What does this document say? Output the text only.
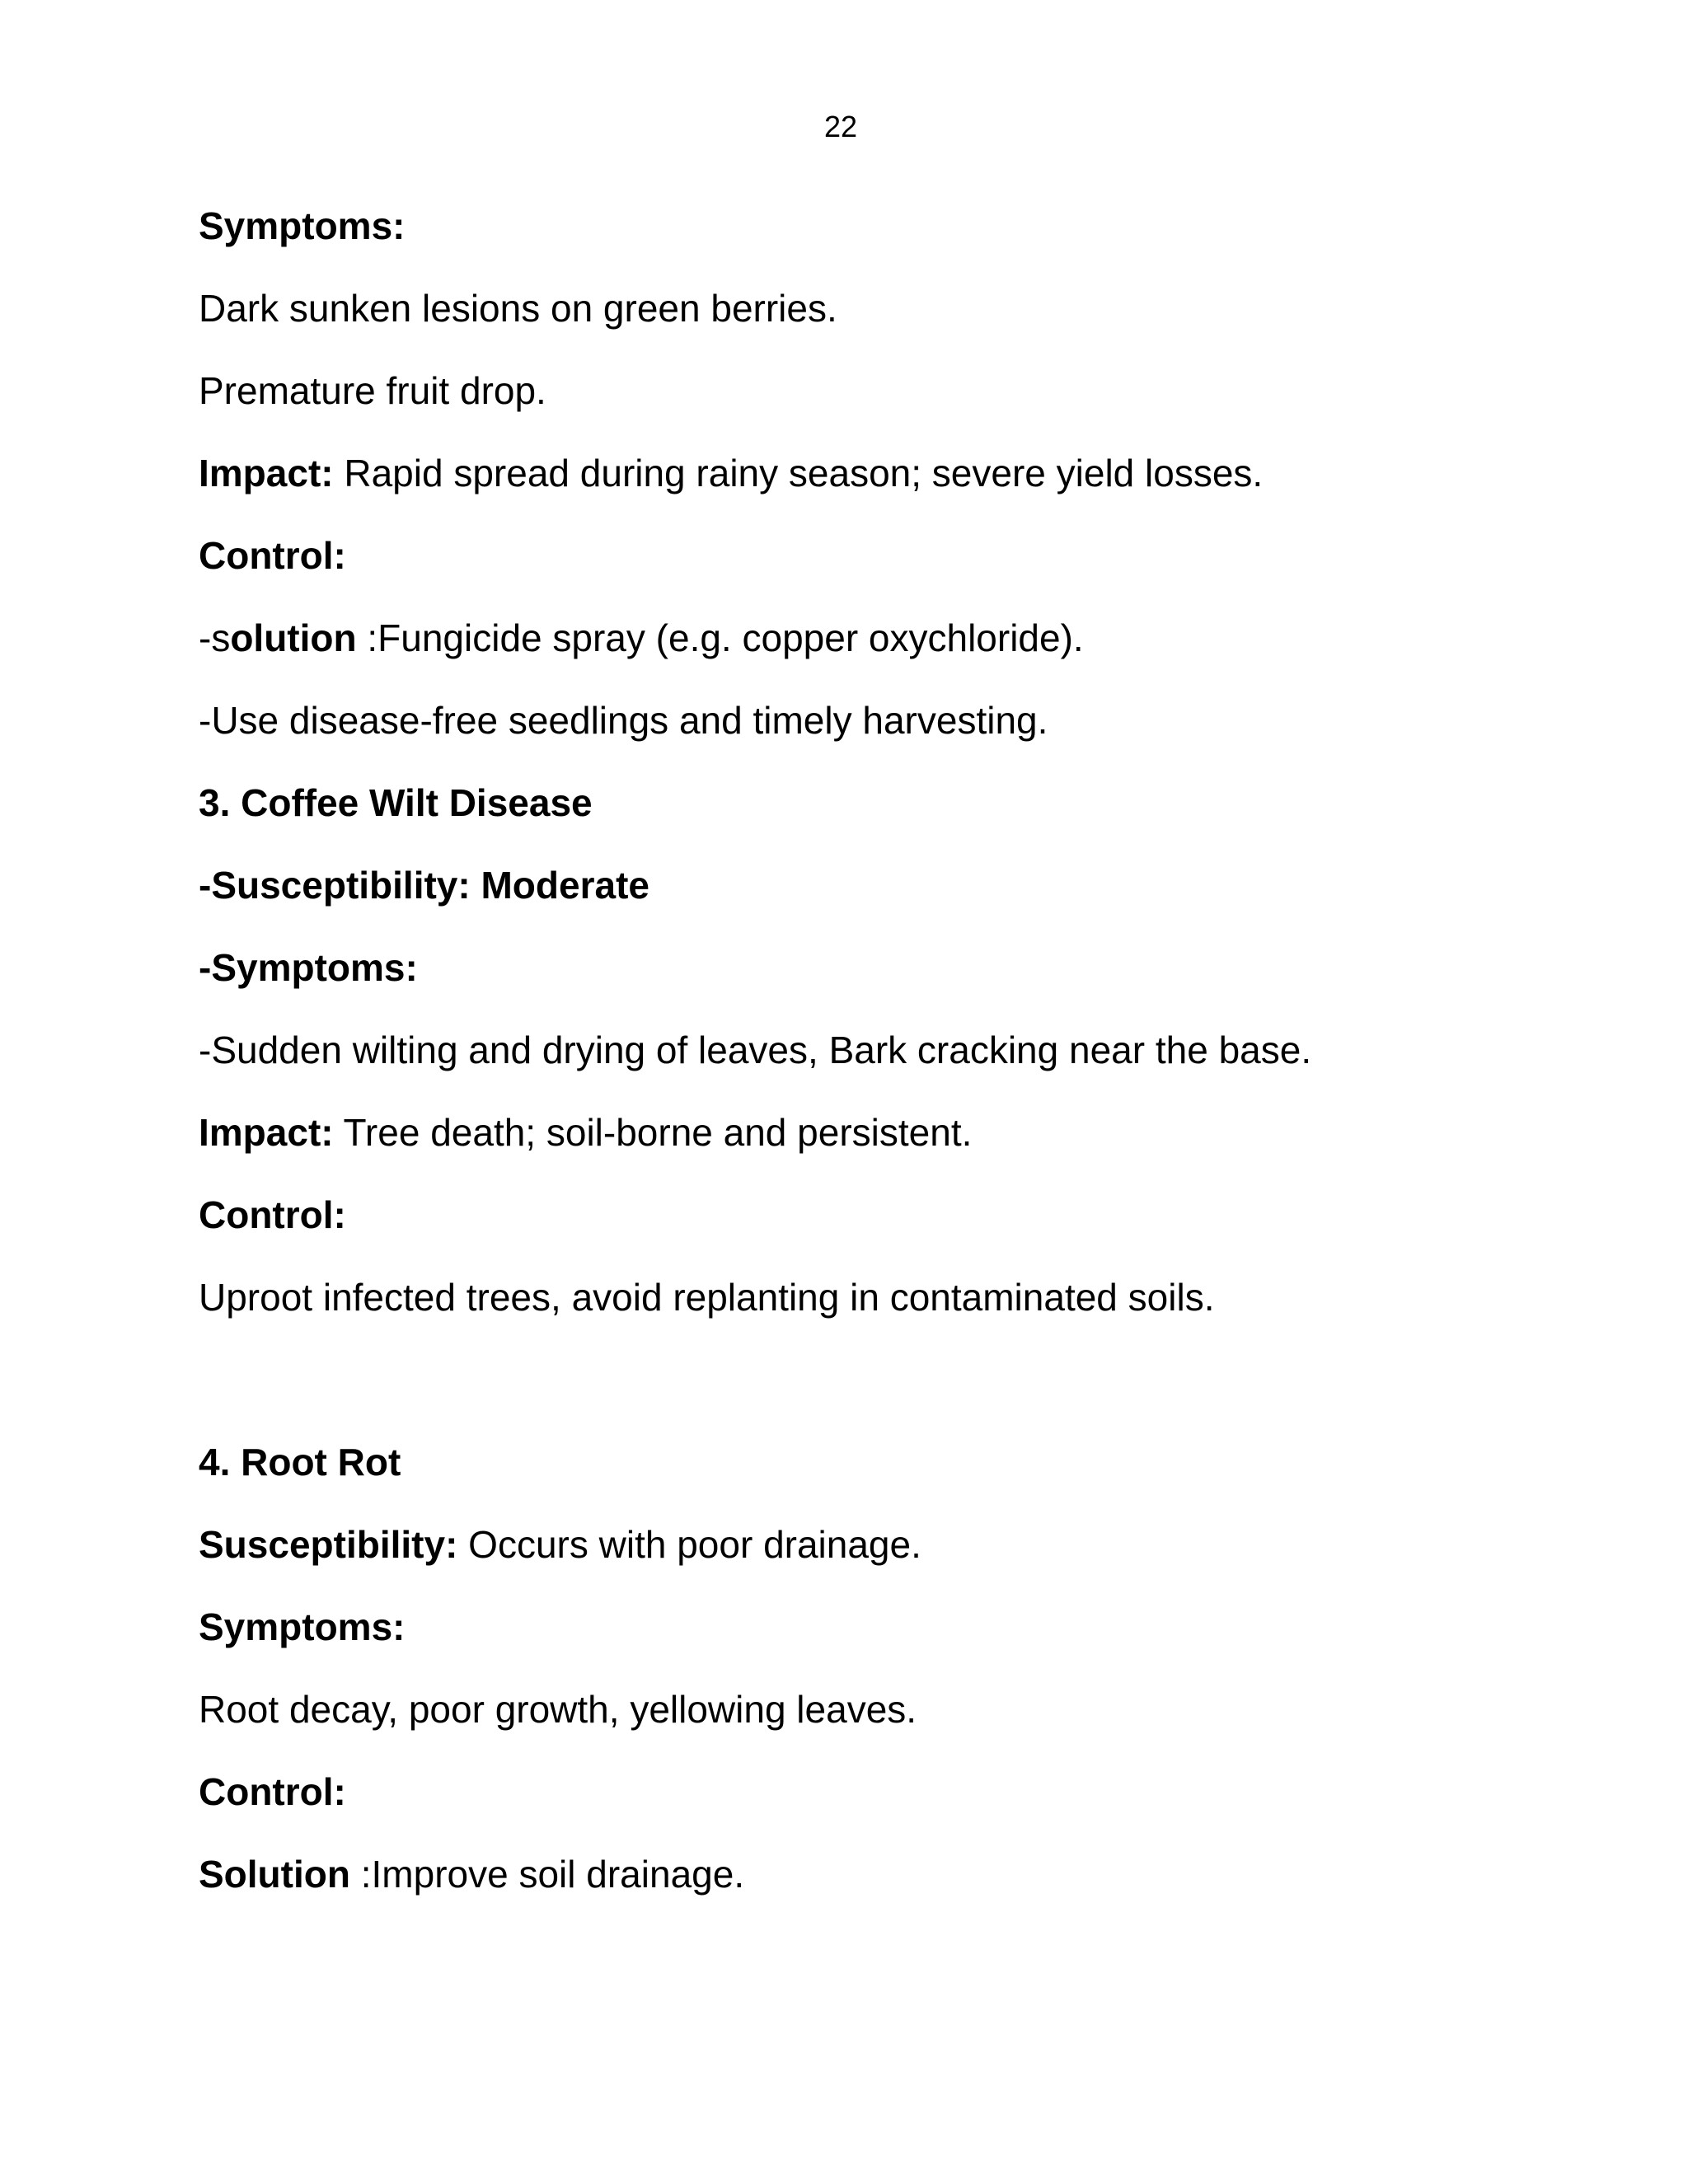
22
Symptoms:
Dark sunken lesions on green berries.
Premature fruit drop.
Impact: Rapid spread during rainy season; severe yield losses.
Control:
-solution :Fungicide spray (e.g. copper oxychloride).
-Use disease-free seedlings and timely harvesting.
3. Coffee Wilt Disease
-Susceptibility: Moderate
-Symptoms:
-Sudden wilting and drying of leaves, Bark cracking near the base.
Impact: Tree death; soil-borne and persistent.
Control:
Uproot infected trees, avoid replanting in contaminated soils.
4. Root Rot
Susceptibility: Occurs with poor drainage.
Symptoms:
Root decay, poor growth, yellowing leaves.
Control:
Solution :Improve soil drainage.
